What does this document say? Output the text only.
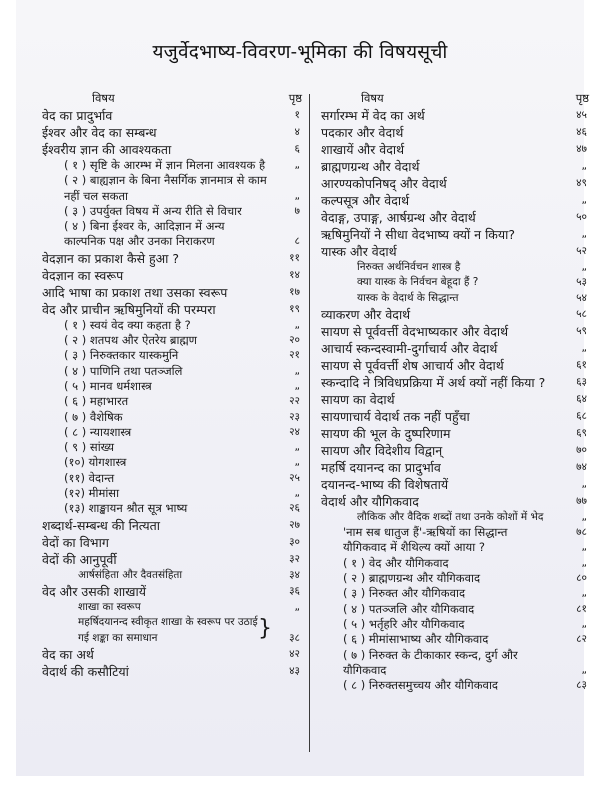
यजुर्वेदभाष्य-विवरण-भूमिका की विषयसूची
विषय	पृष्ठ
वेद का प्रादुर्भाव	१
ईश्वर और वेद का सम्बन्ध	४
ईश्वरीय ज्ञान की आवश्यकता	६
( १ ) सृष्टि के आरम्भ में ज्ञान मिलना आवश्यक है	„
( २ ) बाह्यज्ञान के बिना नैसर्गिक ज्ञानमात्र से काम नहीं चल सकता	„
( ३ ) उपर्युक्त विषय में अन्य रीति से विचार	७
( ४ ) बिना ईश्वर के, आदिज्ञान में अन्य काल्पनिक पक्ष और उनका निराकरण	८
वेदज्ञान का प्रकाश कैसे हुआ ?	११
वेदज्ञान का स्वरूप	१४
आदि भाषा का प्रकाश तथा उसका स्वरूप	१७
वेद और प्राचीन ऋषिमुनियों की परम्परा	१९
( १ ) स्वयं वेद क्या कहता है ?	„
( २ ) शतपथ और ऐतरेय ब्राह्मण	२०
( ३ ) निरुक्तकार यास्कमुनि	२१
( ४ ) पाणिनि तथा पतञ्जलि	„
( ५ ) मानव धर्मशास्त्र	„
( ६ ) महाभारत	२२
( ७ ) वैशेषिक	२३
( ८ ) न्यायशास्त्र	२४
( ९ ) सांख्य	„
(१०) योगशास्त्र	„
(११) वेदान्त	२५
(१२) मीमांसा	„
(१३) शाङ्खायन श्रौत सूत्र भाष्य	२६
शब्दार्थ-सम्बन्ध की नित्यता	२७
वेदों का विभाग	३०
वेदों की आनुपूर्वी	३२
आर्षसंहिता और दैवतसंहिता	३४
वेद और उसकी शाखायें	३६
शाखा का स्वरूप	„
महर्षिदयानन्द स्वीकृत शाखा के स्वरूप पर उठाई गई शङ्का का समाधान	} ३८
वेद का अर्थ	४२
वेदार्थ की कसौटियां	४३
विषय	पृष्ठ
सर्गारम्भ में वेद का अर्थ	४५
पदकार और वेदार्थ	४६
शाखायें और वेदार्थ	४७
ब्राह्मणग्रन्थ और वेदार्थ	„
आरण्यकोपनिषद् और वेदार्थ	४९
कल्पसूत्र और वेदार्थ	„
वेदाङ्ग, उपाङ्ग, आर्षग्रन्थ और वेदार्थ	५०
ऋषिमुनियों ने सीधा वेदभाष्य क्यों न किया?	„
यास्क और वेदार्थ	५२
निरुक्त अर्थनिर्वचन शास्त्र है	„
क्या यास्क के निर्वचन बेहूदा हैं ?	५३
यास्क के वेदार्थ के सिद्धान्त	५४
व्याकरण और वेदार्थ	५८
सायण से पूर्ववर्त्ती वेदभाष्यकार और वेदार्थ	५९
आचार्य स्कन्दस्वामी-दुर्गाचार्य और वेदार्थ	„
सायण से पूर्ववर्त्ती शेष आचार्य और वेदार्थ	६१
स्कन्दादि ने त्रिविधप्रक्रिया में अर्थ क्यों नहीं किया ?	६३
सायण का वेदार्थ	६४
सायणाचार्य वेदार्थ तक नहीं पहुँचा	६८
सायण की भूल के दुष्परिणाम	६९
सायण और विदेशीय विद्वान्	७०
महर्षि दयानन्द का प्रादुर्भाव	७४
दयानन्द-भाष्य की विशेषतायें	„
वेदार्थ और यौगिकवाद	७७
लौकिक और वैदिक शब्दों तथा उनके कोशों में भेद	„
'नाम सब धातुज हैं'-ऋषियों का सिद्धान्त	७८
यौगिकवाद में शैथिल्य क्यों आया ?	„
( १ ) वेद और यौगिकवाद	„
( २ ) ब्राह्मणग्रन्थ और यौगिकवाद	८०
( ३ ) निरुक्त और यौगिकवाद	„
( ४ ) पतञ्जलि और यौगिकवाद	८१
( ५ ) भर्तृहरि और यौगिकवाद	„
( ६ ) मीमांसाभाष्य और यौगिकवाद	८२
( ७ ) निरुक्त के टीकाकार स्कन्द, दुर्ग और यौगिकवाद	„
( ८ ) निरुक्तसमुच्चय और यौगिकवाद	८३
